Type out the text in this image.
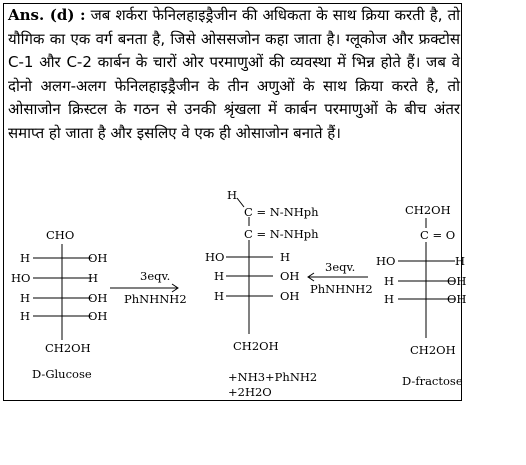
Ans. (d) : जब शर्करा फेनिलहाइड्रैजीन की अधिकता के साथ क्रिया करती है, तो यौगिक का एक वर्ग बनता है, जिसे ओससजोन कहा जाता है। ग्लूकोज और फ्रक्टोस C-1 और C-2 कार्बन के चारों ओर परमाणुओं की व्यवस्था में भिन्न होते हैं। जब वे दोनो अलग-अलग फेनिलहाइड्रैजीन के तीन अणुओं के साथ क्रिया करते है, तो ओसाजोन क्रिस्टल के गठन से उनकी श्रृंखला में कार्बन परमाणुओं के बीच अंतर समाप्त हो जाता है और इसलिए वे एक ही ओसाजोन बनाते हैं।
CHO
H	OH
HO	H
H	OH
H	OH
CH2OH
D-Glucose
3eqv.
PhNHNH2
H
C = N-NHph
C = N-NHph
HO	H
H	OH
H	OH
CH2OH
+NH3+PhNH2
+2H2O
3eqv.
PhNHNH2
CH2OH
C = O
HO	H
H	OH
H	OH
CH2OH
D-fractose
